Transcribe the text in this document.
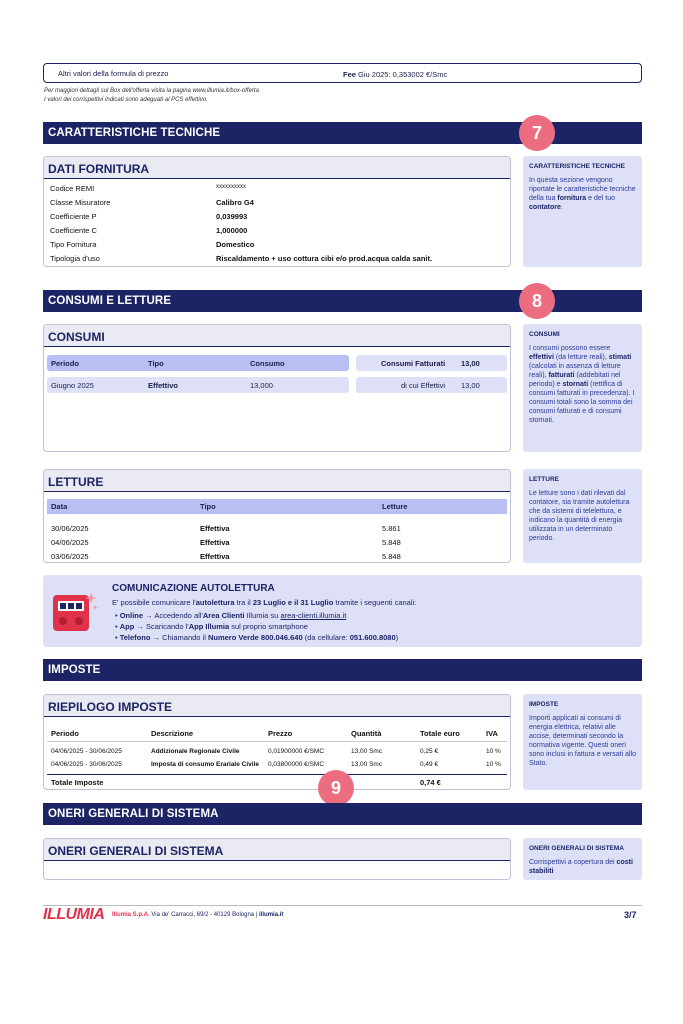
Altri valori della formula di prezzo	Fee Giu 2025: 0,353002 €/Smc
Per maggiori dettagli sul Box dell'offerta visita la pagina www.illumia.it/box-offerta
I valori dei corrispettivi indicati sono adeguati al PCS effettivo.
CARATTERISTICHE TECNICHE	7
DATI FORNITURA
Codice REMI	xxxxxxxxxx
Classe Misuratore	Calibro G4
Coefficiente P	0,039993
Coefficiente C	1,000000
Tipo Fornitura	Domestico
Tipologia d'uso	Riscaldamento + uso cottura cibi e/o prod.acqua calda sanit.
CARATTERISTICHE TECNICHE
In questa sezione vengono riportate le caratteristiche tecniche della tua fornitura e del tuo contatore.
CONSUMI E LETTURE	8
CONSUMI
Periodo	Tipo	Consumo	Consumi Fatturati 13,00
Giugno 2025	Effettivo	13,000	di cui Effettivi 13,00
CONSUMI
I consumi possono essere effettivi (da letture reali), stimati (calcolati in assenza di letture reali), fatturati (addebitati nel periodo) e stornati (rettifica di consumi fatturati in precedenza). I consumi totali sono la somma dei consumi fatturati e di consumi stornati.
LETTURE
Data	Tipo	Letture
30/06/2025	Effettiva	5.861
04/06/2025	Effettiva	5.848
03/06/2025	Effettiva	5.848
LETTURE
Le letture sono i dati rilevati dal contatore, sia tramite autolettura che da sistemi di telelettura, e indicano la quantità di energia utilizzata in un determinato periodo.
COMUNICAZIONE AUTOLETTURA
E' possibile comunicare l'autolettura tra il 23 Luglio e il 31 Luglio tramite i seguenti canali:
• Online → Accedendo all'Area Clienti Illumia su area-clienti.illumia.it
• App → Scaricando l'App Illumia sul proprio smartphone
• Telefono → Chiamando il Numero Verde 800.046.640 (da cellulare: 051.600.8080)
IMPOSTE
RIEPILOGO IMPOSTE
Periodo	Descrizione	Prezzo	Quantità	Totale euro	IVA
04/06/2025 - 30/06/2025	Addizionale Regionale Civile	0,01900000 €/SMC	13,00 Smc	0,25 €	10 %
04/06/2025 - 30/06/2025	Imposta di consumo Erariale Civile 0,03800000 €/SMC	13,00 Smc	0,49 €	10 %
Totale Imposte	0,74 €
9
IMPOSTE
Importi applicati ai consumi di energia elettrica, relativi alle accise, determinati secondo la normativa vigente. Questi oneri sono inclusi in fattura e versati allo Stato.
ONERI GENERALI DI SISTEMA
ONERI GENERALI DI SISTEMA	ONERI GENERALI DI SISTEMA
Corrispettivi a copertura dei costi stabiliti
ILLUMIA Illumia S.p.A. Via de' Carracci, 69/2 - 40129 Bologna | illumia.it	3/7
